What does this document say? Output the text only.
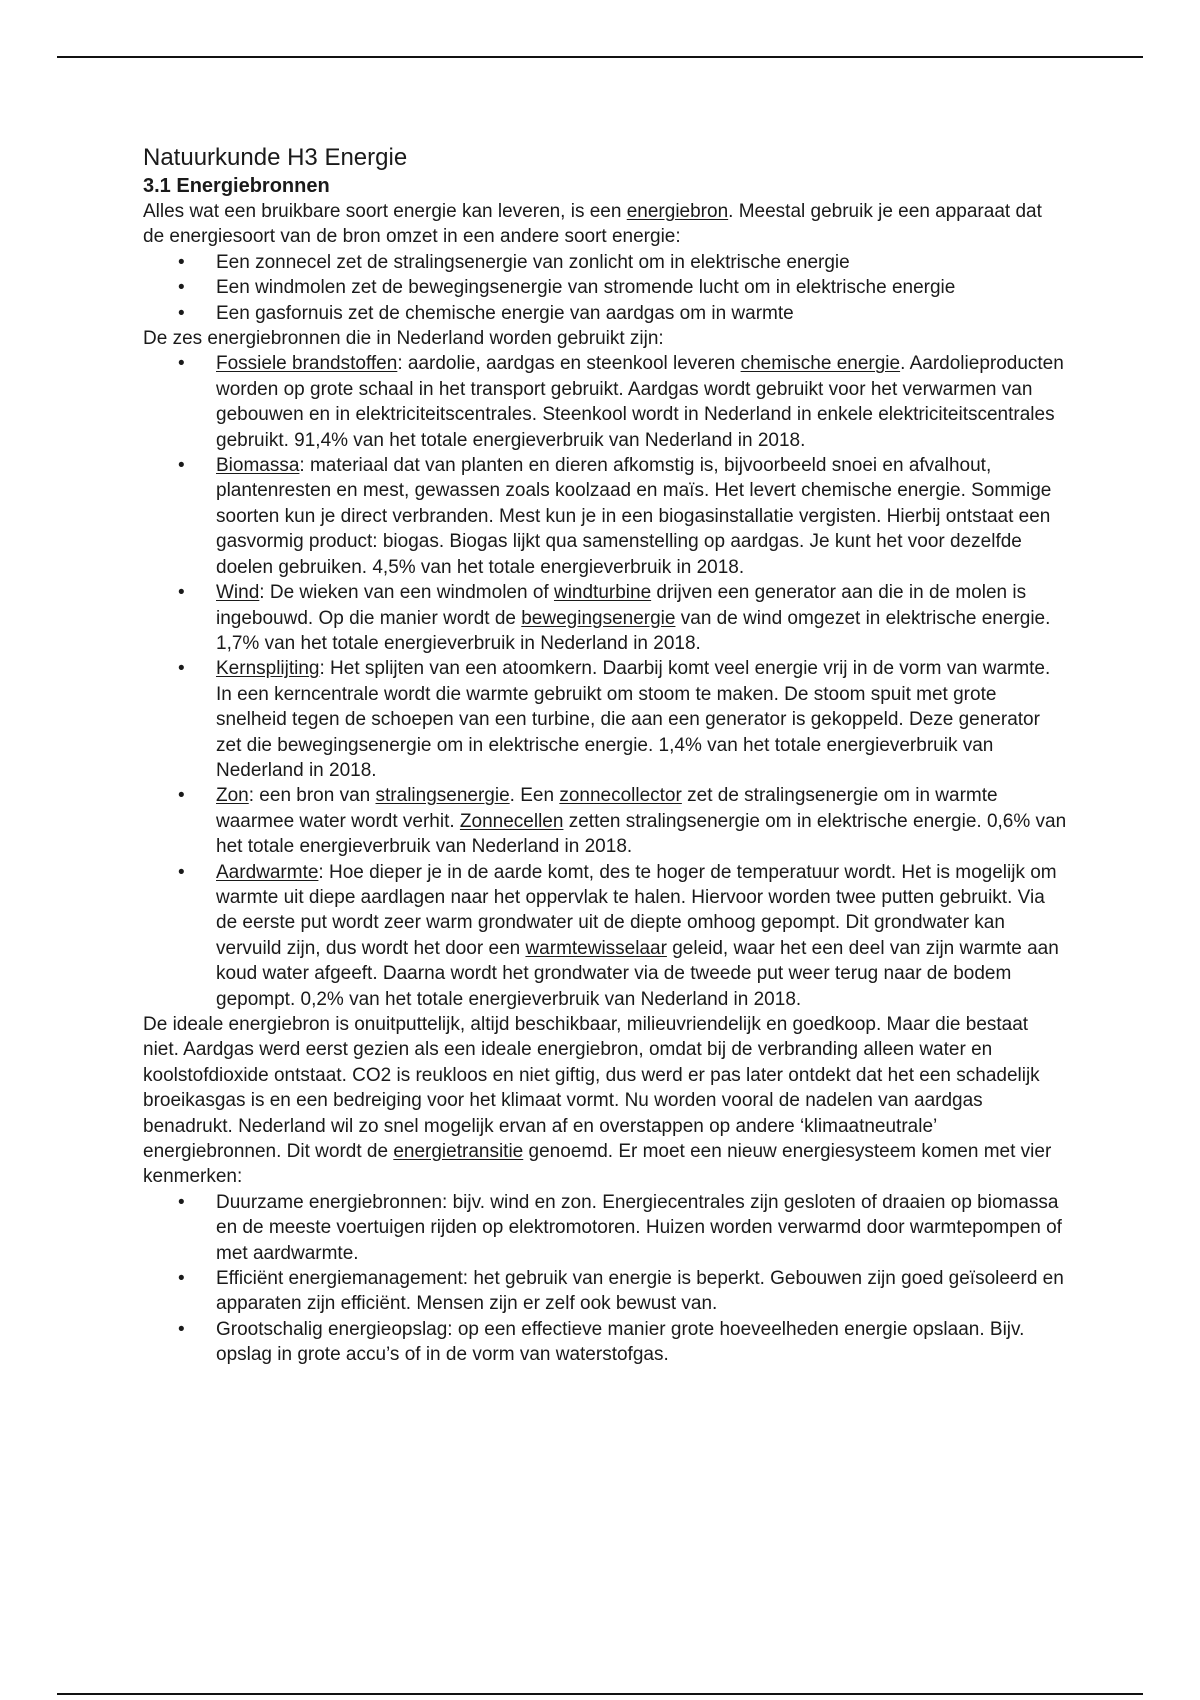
Natuurkunde H3 Energie
3.1 Energiebronnen

Alles wat een bruikbare soort energie kan leveren, is een energiebron. Meestal gebruik je een apparaat dat de energiesoort van de bron omzet in een andere soort energie:

• Een zonnecel zet de stralingsenergie van zonlicht om in elektrische energie
• Een windmolen zet de bewegingsenergie van stromende lucht om in elektrische energie
• Een gasfornuis zet de chemische energie van aardgas om in warmte

De zes energiebronnen die in Nederland worden gebruikt zijn:

• Fossiele brandstoffen: aardolie, aardgas en steenkool leveren chemische energie. Aardolieproducten worden op grote schaal in het transport gebruikt. Aardgas wordt gebruikt voor het verwarmen van gebouwen en in elektriciteitscentrales. Steenkool wordt in Nederland in enkele elektriciteitscentrales gebruikt. 91,4% van het totale energieverbruik van Nederland in 2018.
• Biomassa: materiaal dat van planten en dieren afkomstig is, bijvoorbeeld snoei en afvalhout, plantenresten en mest, gewassen zoals koolzaad en maïs. Het levert chemische energie. Sommige soorten kun je direct verbranden. Mest kun je in een biogasinstallatie vergisten. Hierbij ontstaat een gasvormig product: biogas. Biogas lijkt qua samenstelling op aardgas. Je kunt het voor dezelfde doelen gebruiken. 4,5% van het totale energieverbruik in 2018.
• Wind: De wieken van een windmolen of windturbine drijven een generator aan die in de molen is ingebouwd. Op die manier wordt de bewegingsenergie van de wind omgezet in elektrische energie. 1,7% van het totale energieverbruik in Nederland in 2018.
• Kernsplijting: Het splijten van een atoomkern. Daarbij komt veel energie vrij in de vorm van warmte. In een kerncentrale wordt die warmte gebruikt om stoom te maken. De stoom spuit met grote snelheid tegen de schoepen van een turbine, die aan een generator is gekoppeld. Deze generator zet die bewegingsenergie om in elektrische energie. 1,4% van het totale energieverbruik van Nederland in 2018.
• Zon: een bron van stralingsenergie. Een zonnecollector zet de stralingsenergie om in warmte waarmee water wordt verhit. Zonnecellen zetten stralingsenergie om in elektrische energie. 0,6% van het totale energieverbruik van Nederland in 2018.
• Aardwarmte: Hoe dieper je in de aarde komt, des te hoger de temperatuur wordt. Het is mogelijk om warmte uit diepe aardlagen naar het oppervlak te halen. Hiervoor worden twee putten gebruikt. Via de eerste put wordt zeer warm grondwater uit de diepte omhoog gepompt. Dit grondwater kan vervuild zijn, dus wordt het door een warmtewisselaar geleid, waar het een deel van zijn warmte aan koud water afgeeft. Daarna wordt het grondwater via de tweede put weer terug naar de bodem gepompt. 0,2% van het totale energieverbruik van Nederland in 2018.

De ideale energiebron is onuitputtelijk, altijd beschikbaar, milieuvriendelijk en goedkoop. Maar die bestaat niet. Aardgas werd eerst gezien als een ideale energiebron, omdat bij de verbranding alleen water en koolstofdioxide ontstaat. CO2 is reukloos en niet giftig, dus werd er pas later ontdekt dat het een schadelijk broeikasgas is en een bedreiging voor het klimaat vormt. Nu worden vooral de nadelen van aardgas benadrukt. Nederland wil zo snel mogelijk ervan af en overstappen op andere ‘klimaatneutrale’ energiebronnen. Dit wordt de energietransitie genoemd. Er moet een nieuw energiesysteem komen met vier kenmerken:

• Duurzame energiebronnen: bijv. wind en zon. Energiecentrales zijn gesloten of draaien op biomassa en de meeste voertuigen rijden op elektromotoren. Huizen worden verwarmd door warmtepompen of met aardwarmte.
• Efficiënt energiemanagement: het gebruik van energie is beperkt. Gebouwen zijn goed geïsoleerd en apparaten zijn efficiënt. Mensen zijn er zelf ook bewust van.
• Grootschalig energieopslag: op een effectieve manier grote hoeveelheden energie opslaan. Bijv. opslag in grote accu’s of in de vorm van waterstofgas.
